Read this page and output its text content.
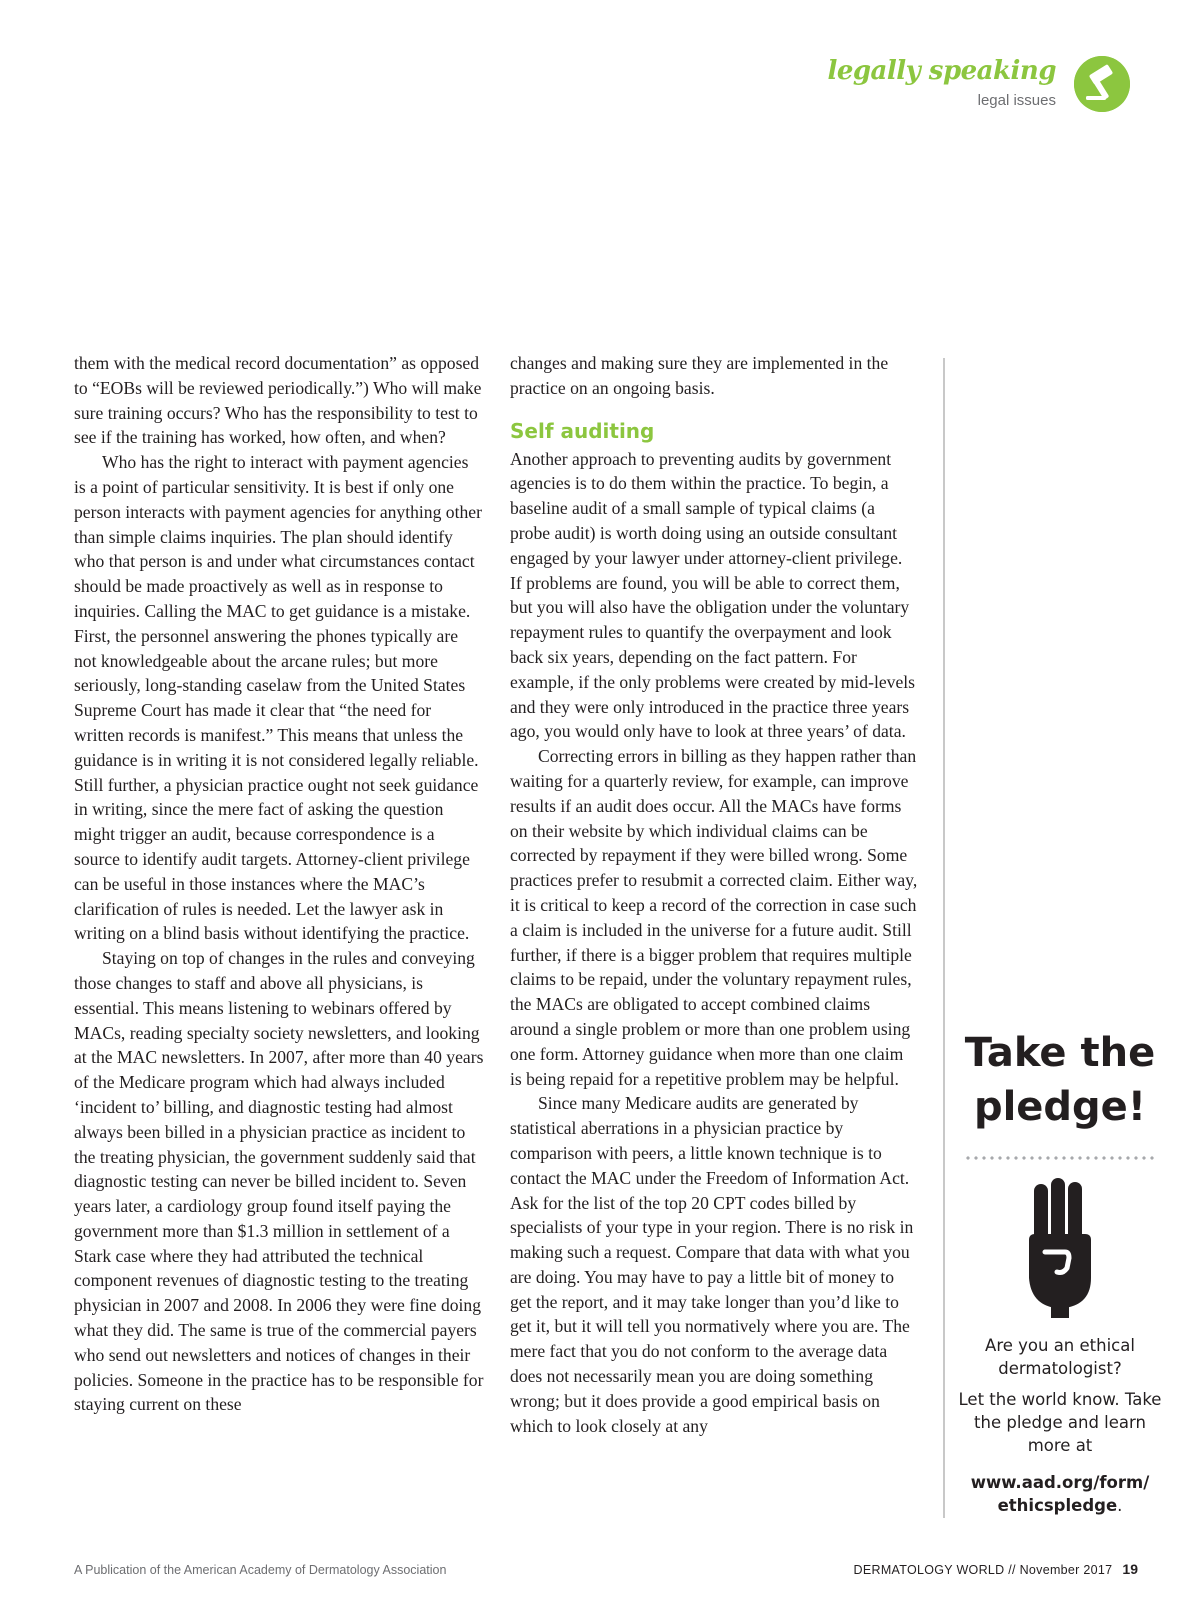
legally speaking
legal issues

them with the medical record documentation” as opposed to “EOBs will be reviewed periodically.”) Who will make sure training occurs? Who has the responsibility to test to see if the training has worked, how often, and when?

Who has the right to interact with payment agencies is a point of particular sensitivity. It is best if only one person interacts with payment agencies for anything other than simple claims inquiries. The plan should identify who that person is and under what circumstances contact should be made proactively as well as in response to inquiries. Calling the MAC to get guidance is a mistake. First, the personnel answering the phones typically are not knowledgeable about the arcane rules; but more seriously, long-standing caselaw from the United States Supreme Court has made it clear that “the need for written records is manifest.” This means that unless the guidance is in writing it is not considered legally reliable. Still further, a physician practice ought not seek guidance in writing, since the mere fact of asking the question might trigger an audit, because correspondence is a source to identify audit targets. Attorney-client privilege can be useful in those instances where the MAC’s clarification of rules is needed. Let the lawyer ask in writing on a blind basis without identifying the practice.

Staying on top of changes in the rules and conveying those changes to staff and above all physicians, is essential. This means listening to webinars offered by MACs, reading specialty society newsletters, and looking at the MAC newsletters. In 2007, after more than 40 years of the Medicare program which had always included ‘incident to’ billing, and diagnostic testing had almost always been billed in a physician practice as incident to the treating physician, the government suddenly said that diagnostic testing can never be billed incident to. Seven years later, a cardiology group found itself paying the government more than $1.3 million in settlement of a Stark case where they had attributed the technical component revenues of diagnostic testing to the treating physician in 2007 and 2008. In 2006 they were fine doing what they did. The same is true of the commercial payers who send out newsletters and notices of changes in their policies. Someone in the practice has to be responsible for staying current on these

changes and making sure they are implemented in the practice on an ongoing basis.

Self auditing

Another approach to preventing audits by government agencies is to do them within the practice. To begin, a baseline audit of a small sample of typical claims (a probe audit) is worth doing using an outside consultant engaged by your lawyer under attorney-client privilege. If problems are found, you will be able to correct them, but you will also have the obligation under the voluntary repayment rules to quantify the overpayment and look back six years, depending on the fact pattern. For example, if the only problems were created by mid-levels and they were only introduced in the practice three years ago, you would only have to look at three years’ of data.

Correcting errors in billing as they happen rather than waiting for a quarterly review, for example, can improve results if an audit does occur. All the MACs have forms on their website by which individual claims can be corrected by repayment if they were billed wrong. Some practices prefer to resubmit a corrected claim. Either way, it is critical to keep a record of the correction in case such a claim is included in the universe for a future audit. Still further, if there is a bigger problem that requires multiple claims to be repaid, under the voluntary repayment rules, the MACs are obligated to accept combined claims around a single problem or more than one problem using one form. Attorney guidance when more than one claim is being repaid for a repetitive problem may be helpful.

Since many Medicare audits are generated by statistical aberrations in a physician practice by comparison with peers, a little known technique is to contact the MAC under the Freedom of Information Act. Ask for the list of the top 20 CPT codes billed by specialists of your type in your region. There is no risk in making such a request. Compare that data with what you are doing. You may have to pay a little bit of money to get the report, and it may take longer than you’d like to get it, but it will tell you normatively where you are. The mere fact that you do not conform to the average data does not necessarily mean you are doing something wrong; but it does provide a good empirical basis on which to look closely at any

Take the
pledge!
Are you an ethical dermatologist?
Let the world know. Take the pledge and learn more at
www.aad.org/form/
ethicspledge.
A Publication of the American Academy of Dermatology Association	DERMATOLOGY WORLD // November 2017 19
